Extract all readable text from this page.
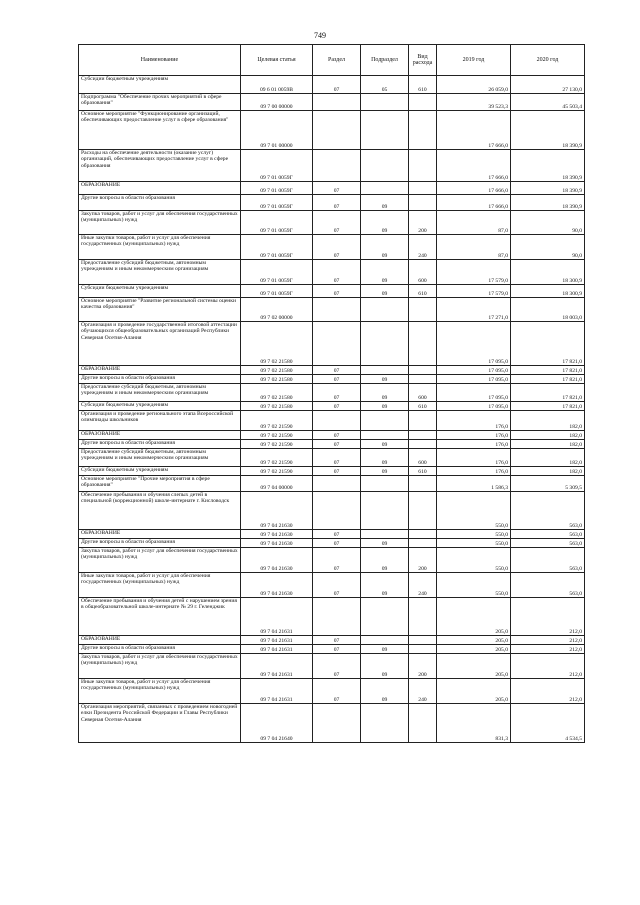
749
Наименование	Целевая статья	Раздел	Подраздел	Вид расхода	2019 год	2020 год
Субсидии бюджетным учреждениям	09 6 01 0059В	07	05	610	26 059,0	27 130,0
Подпрограмма "Обеспечение прочих мероприятий в сфере образования"	09 7 00 00000				39 523,3	45 503,4
Основное мероприятие "Функционирование организаций, обеспечивающих предоставление услуг в сфере образования"	09 7 01 00000				17 666,0	18 390,9
Расходы на обеспечение деятельности (оказание услуг) организаций, обеспечивающих предоставление услуг в сфере образования	09 7 01 0059Г				17 666,0	18 390,9
ОБРАЗОВАНИЕ	09 7 01 0059Г	07			17 666,0	18 390,9
Другие вопросы в области образования	09 7 01 0059Г	07	09		17 666,0	18 390,9
Закупка товаров, работ и услуг для обеспечения государственных (муниципальных) нужд	09 7 01 0059Г	07	09	200	87,0	90,0
Иные закупки товаров, работ и услуг для обеспечения государственных (муниципальных) нужд	09 7 01 0059Г	07	09	240	87,0	90,0
Предоставление субсидий бюджетным, автономным учреждениям и иным некоммерческим организациям	09 7 01 0059Г	07	09	600	17 579,0	18 300,9
Субсидии бюджетным учреждениям	09 7 01 0059Г	07	09	610	17 579,0	18 300,9
Основное мероприятие "Развитие региональной системы оценки качества образования"	09 7 02 00000				17 271,0	18 003,0
Организация и проведение государственной итоговой аттестации обучающихся общеобразовательных организаций Республики Северная Осетия-Алания	09 7 02 21580				17 095,0	17 821,0
ОБРАЗОВАНИЕ	09 7 02 21580	07			17 095,0	17 821,0
Другие вопросы в области образования	09 7 02 21580	07	09		17 095,0	17 821,0
Предоставление субсидий бюджетным, автономным учреждениям и иным некоммерческим организациям	09 7 02 21580	07	09	600	17 095,0	17 821,0
Субсидии бюджетным учреждениям	09 7 02 21580	07	09	610	17 095,0	17 821,0
Организация и проведение регионального этапа Всероссийской олимпиады школьников	09 7 02 21590				176,0	182,0
ОБРАЗОВАНИЕ	09 7 02 21590	07			176,0	182,0
Другие вопросы в области образования	09 7 02 21590	07	09		176,0	182,0
Предоставление субсидий бюджетным, автономным учреждениям и иным некоммерческим организациям	09 7 02 21590	07	09	600	176,0	182,0
Субсидии бюджетным учреждениям	09 7 02 21590	07	09	610	176,0	182,0
Основное мероприятие "Прочие мероприятия в сфере образования"	09 7 04 00000				1 586,3	5 309,5
Обеспечение пребывания и обучения слепых детей в специальной (коррекционной) школе-интернате г. Кисловодск	09 7 04 21630				550,0	563,0
ОБРАЗОВАНИЕ	09 7 04 21630	07			550,0	563,0
Другие вопросы в области образования	09 7 04 21630	07	09		550,0	563,0
Закупка товаров, работ и услуг для обеспечения государственных (муниципальных) нужд	09 7 04 21630	07	09	200	550,0	563,0
Иные закупки товаров, работ и услуг для обеспечения государственных (муниципальных) нужд	09 7 04 21630	07	09	240	550,0	563,0
Обеспечение пребывания и обучения детей с нарушением зрения в общеобразовательной школе-интернате № 29 г. Геленджик	09 7 04 21631				205,0	212,0
ОБРАЗОВАНИЕ	09 7 04 21631	07			205,0	212,0
Другие вопросы в области образования	09 7 04 21631	07	09		205,0	212,0
Закупка товаров, работ и услуг для обеспечения государственных (муниципальных) нужд	09 7 04 21631	07	09	200	205,0	212,0
Иные закупки товаров, работ и услуг для обеспечения государственных (муниципальных) нужд	09 7 04 21631	07	09	240	205,0	212,0
Организация мероприятий, связанных с проведением новогодней елки Президента Российской Федерации и Главы Республики Северная Осетия-Алания	09 7 04 21640				831,3	4 534,5
